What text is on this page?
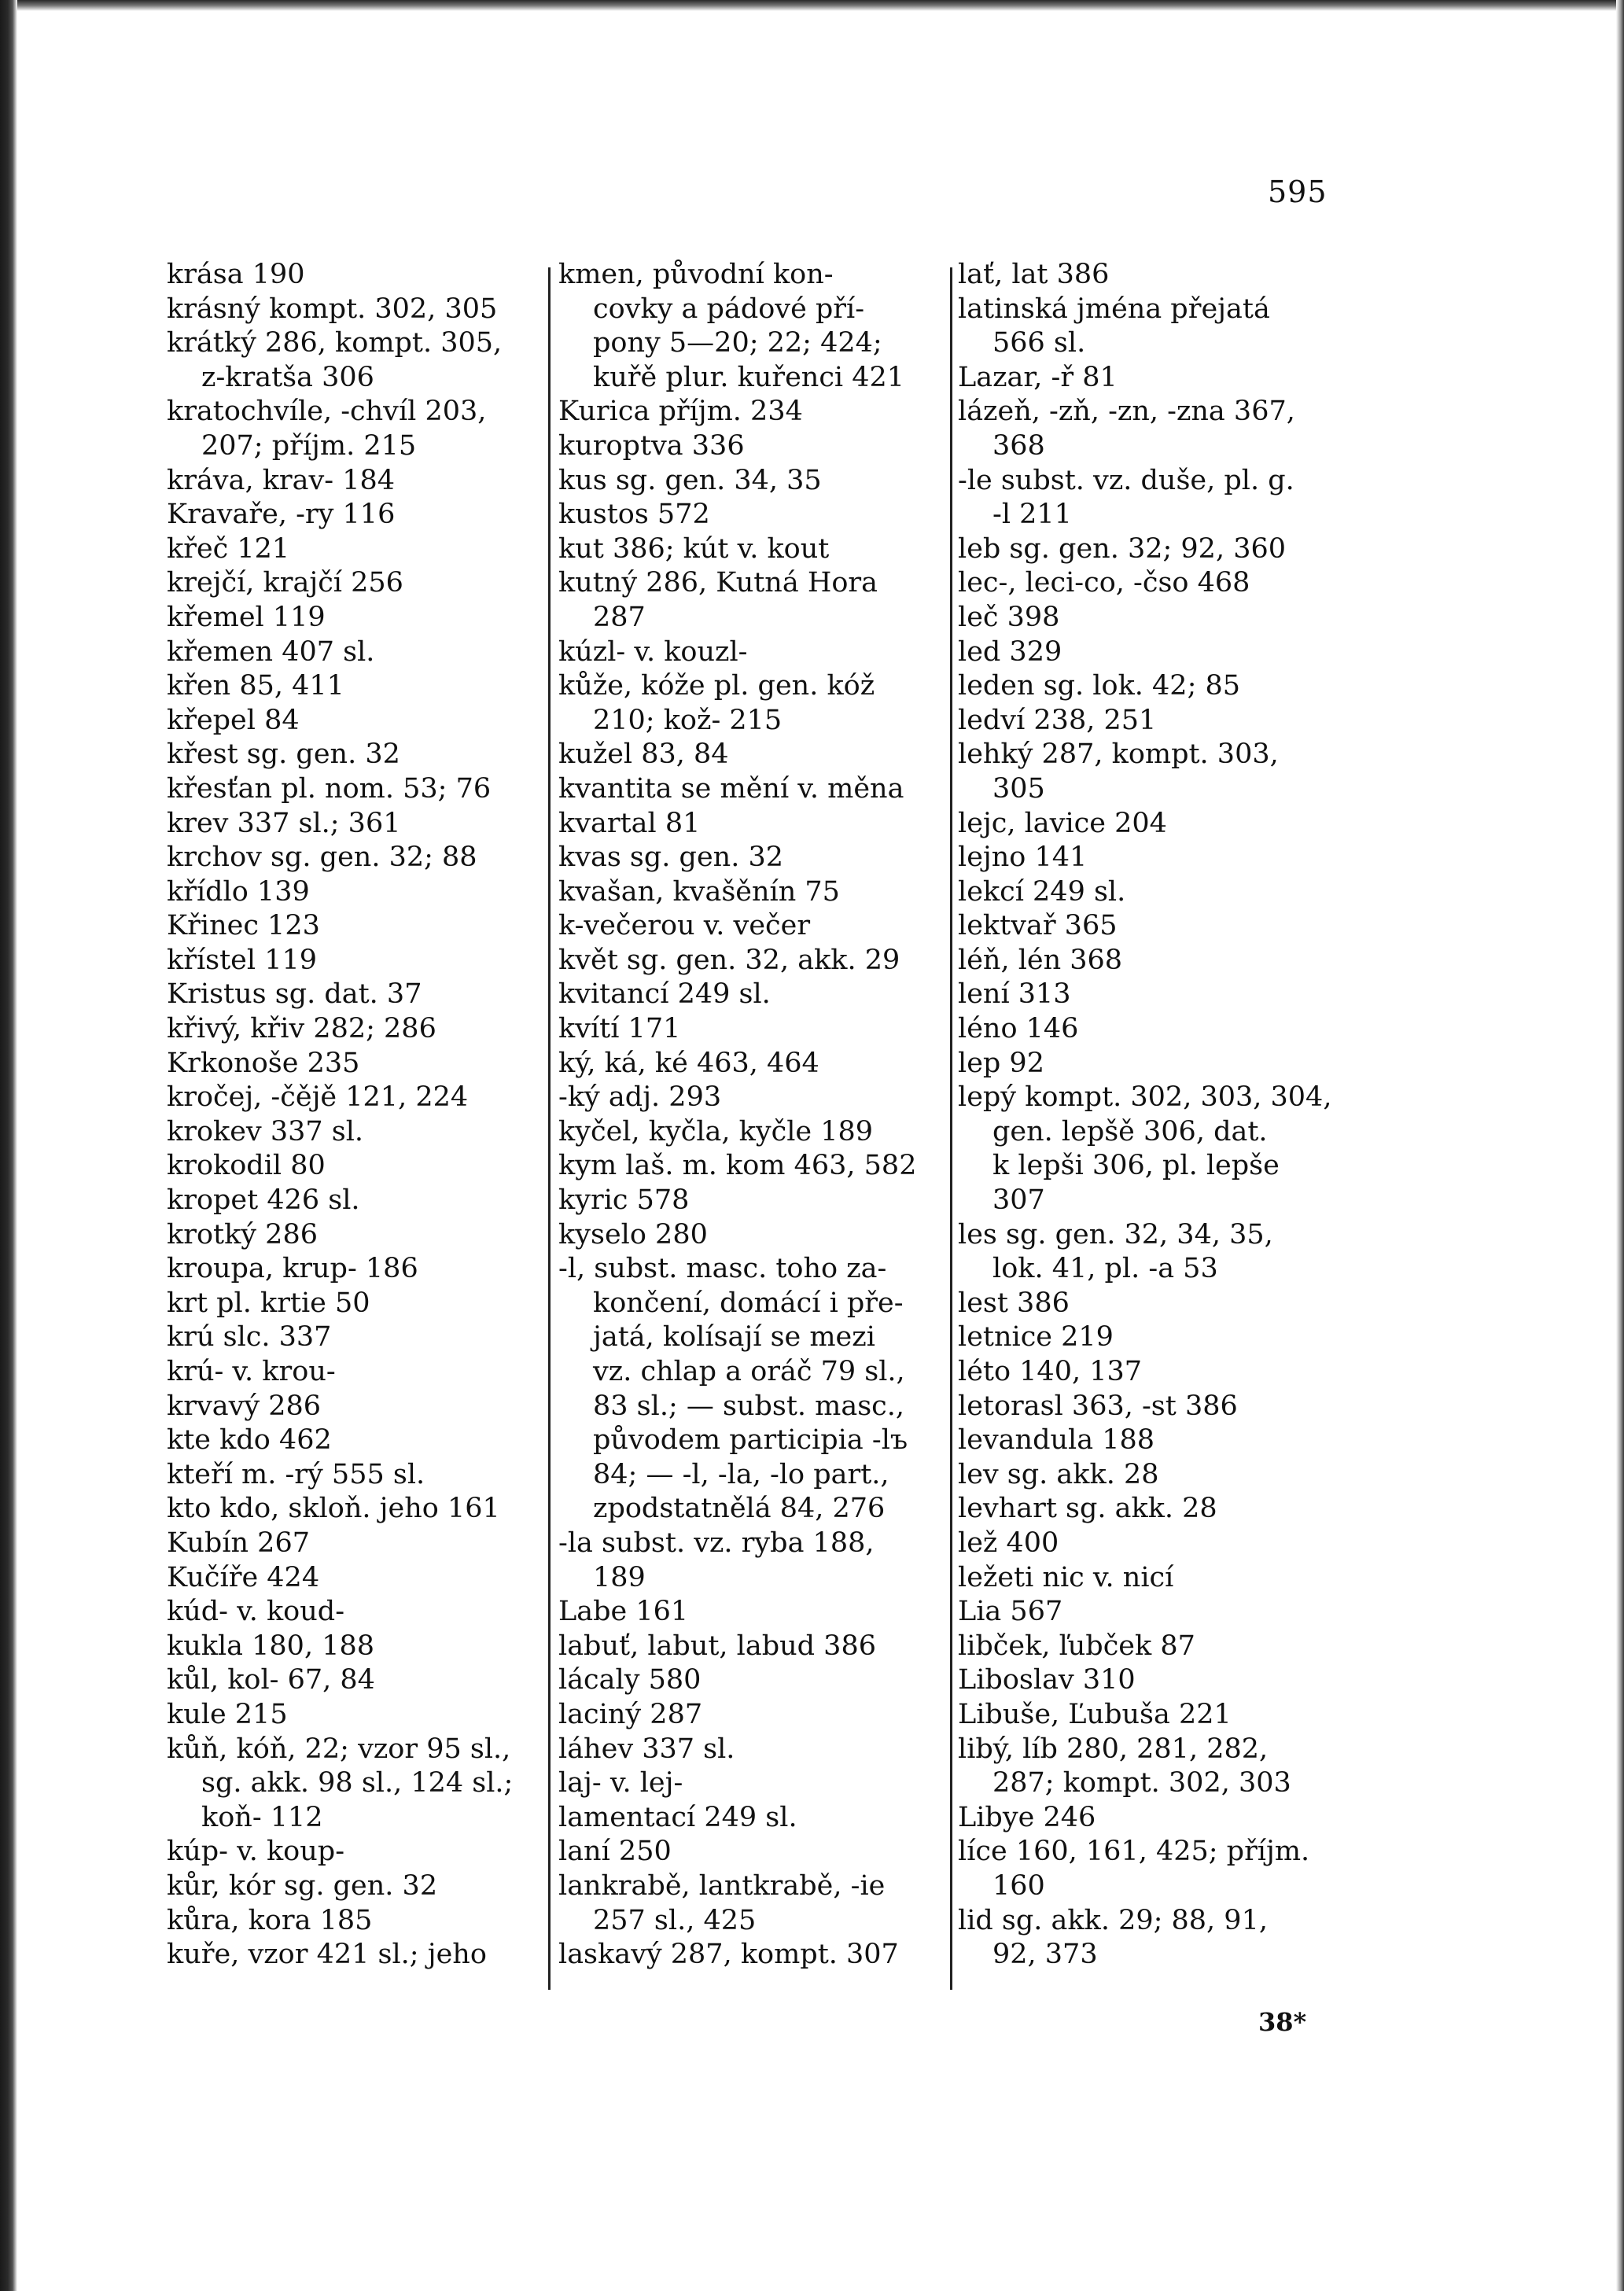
595
krása 190
krásný kompt. 302, 305
krátký 286, kompt. 305,
z-kratša 306
kratochvíle, -chvíl 203,
207; příjm. 215
kráva, krav- 184
Kravaře, -ry 116
křeč 121
krejčí, krajčí 256
křemel 119
křemen 407 sl.
křen 85, 411
křepel 84
křest sg. gen. 32
křesťan pl. nom. 53; 76
krev 337 sl.; 361
krchov sg. gen. 32; 88
křídlo 139
Křinec 123
křístel 119
Kristus sg. dat. 37
křivý, křiv 282; 286
Krkonoše 235
kročej, -čějě 121, 224
krokev 337 sl.
krokodil 80
kropet 426 sl.
krotký 286
kroupa, krup- 186
krt pl. krtie 50
krú slc. 337
krú- v. krou-
krvavý 286
kte kdo 462
kteří m. -rý 555 sl.
kto kdo, skloň. jeho 161
Kubín 267
Kučíře 424
kúd- v. koud-
kukla 180, 188
kůl, kol- 67, 84
kule 215
kůň, kóň, 22; vzor 95 sl.,
sg. akk. 98 sl., 124 sl.;
koň- 112
kúp- v. koup-
kůr, kór sg. gen. 32
kůra, kora 185
kuře, vzor 421 sl.; jeho
kmen, původní kon-
covky a pádové pří-
pony 5—20; 22; 424;
kuřě plur. kuřenci 421
Kurica příjm. 234
kuroptva 336
kus sg. gen. 34, 35
kustos 572
kut 386; kút v. kout
kutný 286, Kutná Hora
287
kúzl- v. kouzl-
kůže, kóže pl. gen. kóž
210; kož- 215
kužel 83, 84
kvantita se mění v. měna
kvartal 81
kvas sg. gen. 32
kvašan, kvašěnín 75
k-večerou v. večer
květ sg. gen. 32, akk. 29
kvitancí 249 sl.
kvítí 171
ký, ká, ké 463, 464
-ký adj. 293
kyčel, kyčla, kyčle 189
kym laš. m. kom 463, 582
kyric 578
kyselo 280
-l, subst. masc. toho za-
končení, domácí i pře-
jatá, kolísají se mezi
vz. chlap a oráč 79 sl.,
83 sl.; — subst. masc.,
původem participia -lъ
84; — -l, -la, -lo part.,
zpodstatnělá 84, 276
-la subst. vz. ryba 188,
189
Labe 161
labuť, labut, labud 386
lácaly 580
laciný 287
láhev 337 sl.
laj- v. lej-
lamentací 249 sl.
laní 250
lankrabě, lantkrabě, -ie
257 sl., 425
laskavý 287, kompt. 307
lať, lat 386
latinská jména přejatá
566 sl.
Lazar, -ř 81
lázeň, -zň, -zn, -zna 367,
368
-le subst. vz. duše, pl. g.
-l 211
leb sg. gen. 32; 92, 360
lec-, leci-co, -čso 468
leč 398
led 329
leden sg. lok. 42; 85
ledví 238, 251
lehký 287, kompt. 303,
305
lejc, lavice 204
lejno 141
lekcí 249 sl.
lektvař 365
léň, lén 368
lení 313
léno 146
lep 92
lepý kompt. 302, 303, 304,
gen. lepšě 306, dat.
k lepši 306, pl. lepše
307
les sg. gen. 32, 34, 35,
lok. 41, pl. -a 53
lest 386
letnice 219
léto 140, 137
letorasl 363, -st 386
levandula 188
lev sg. akk. 28
levhart sg. akk. 28
lež 400
ležeti nic v. nicí
Lia 567
libček, ľubček 87
Liboslav 310
Libuše, Ľubuša 221
libý, líb 280, 281, 282,
287; kompt. 302, 303
Libye 246
líce 160, 161, 425; příjm.
160
lid sg. akk. 29; 88, 91,
92, 373
38*
